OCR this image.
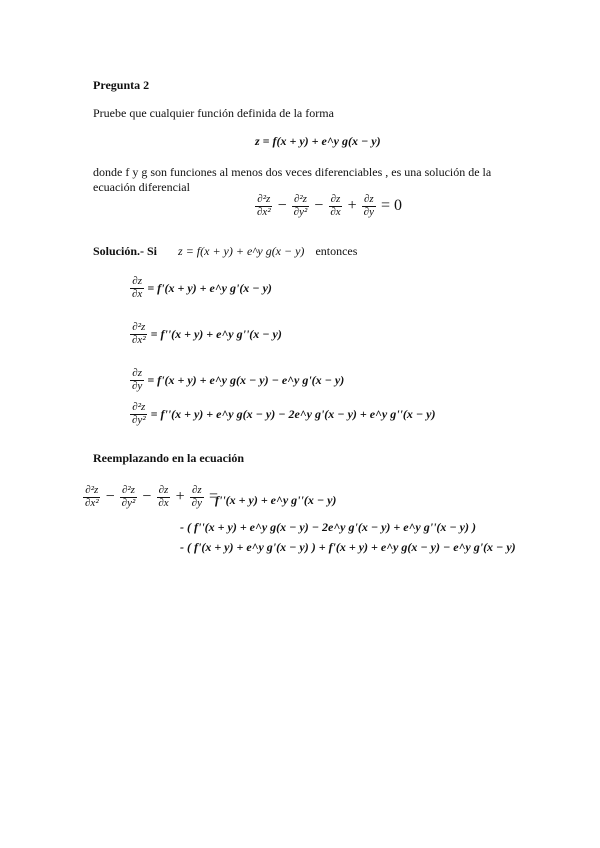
Pregunta 2
Pruebe que cualquier función definida de la forma
z = f(x + y) + e^y g(x − y)
donde f y g son funciones al menos dos veces diferenciables , es una solución de la
ecuación diferencial
$\frac{\text{∂²z}}{\text{∂x²}} - \frac{\text{∂²z}}{\text{∂y²}} - \frac{\partial z}{\partial x} + \frac{\partial z}{\partial y} = 0$
Solución.- Si z = f(x + y) + e^y g(x − y) entonces
$\frac{\partial z}{\partial x} = f'(x + y)$ + e^y g'(x − y)
$\frac{\text{∂²z}}{\text{∂x²}} = f''(x + y)$ + e^y g''(x − y)
$\frac{\partial z}{\partial y} = f'(x + y)$ + e^y g(x − y) − e^y g'(x − y)
$\frac{\text{∂²z}}{\text{∂y²}} = f''(x + y)$ + e^y g(x − y) − 2e^y g'(x − y) + e^y g''(x − y)
Reemplazando en la ecuación
$\frac{\text{∂²z}}{\text{∂x²}} - \frac{\text{∂²z}}{\text{∂y²}} - \frac{\partial z}{\partial x} + \frac{\partial z}{\partial y}$ =
f''(x + y) + e^y g''(x − y)
- ( f''(x + y) + e^y g(x − y) − 2e^y g'(x − y) + e^y g''(x − y) )
- ( f'(x + y) + e^y g'(x − y) ) + f'(x + y) + e^y g(x − y) − e^y g'(x − y)
